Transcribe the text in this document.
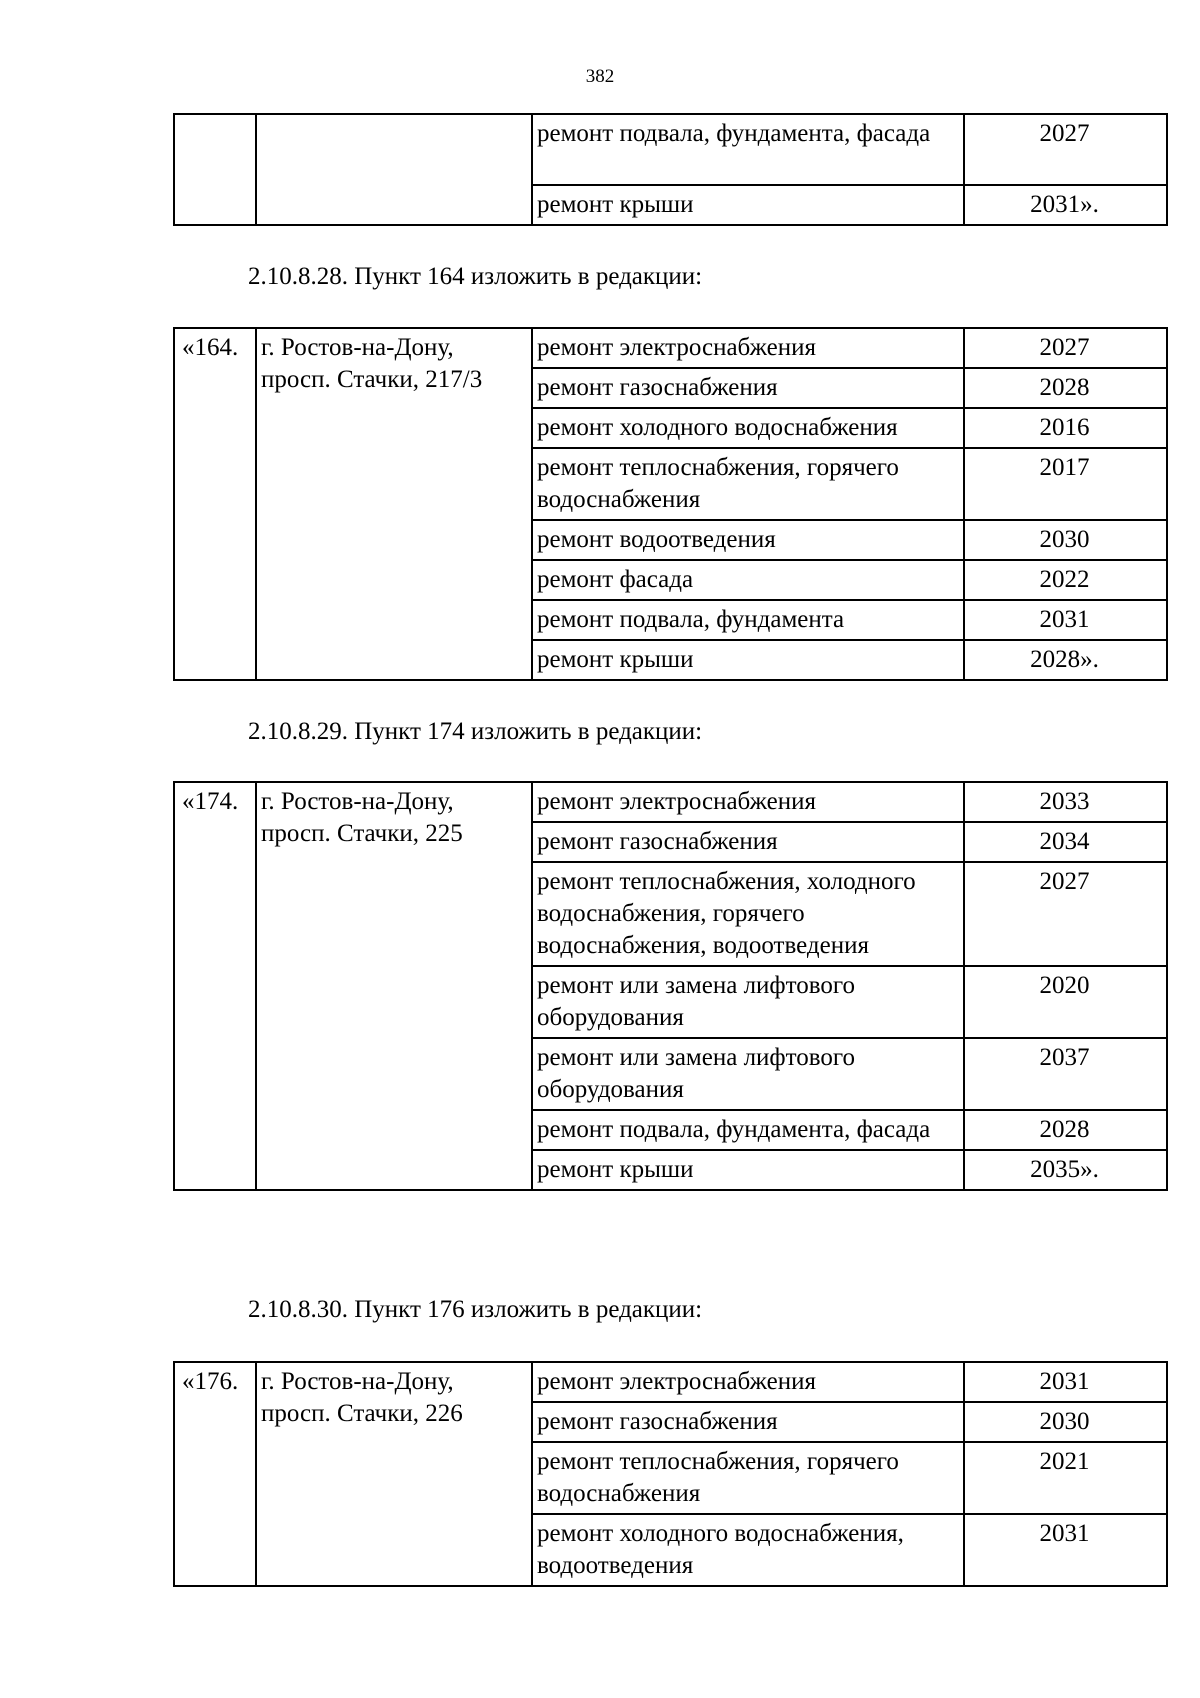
382
		ремонт подвала, фундамента, фасада	2027
		ремонт крыши	2031».
2.10.8.28. Пункт 164 изложить в редакции:
«164.	г. Ростов-на-Дону, просп. Стачки, 217/3	ремонт электроснабжения	2027
		ремонт газоснабжения	2028
		ремонт холодного водоснабжения	2016
		ремонт теплоснабжения, горячего водоснабжения	2017
		ремонт водоотведения	2030
		ремонт фасада	2022
		ремонт подвала, фундамента	2031
		ремонт крыши	2028».
2.10.8.29. Пункт 174 изложить в редакции:
«174.	г. Ростов-на-Дону, просп. Стачки, 225	ремонт электроснабжения	2033
		ремонт газоснабжения	2034
		ремонт теплоснабжения, холодного водоснабжения, горячего водоснабжения, водоотведения	2027
		ремонт или замена лифтового оборудования	2020
		ремонт или замена лифтового оборудования	2037
		ремонт подвала, фундамента, фасада	2028
		ремонт крыши	2035».
2.10.8.30. Пункт 176 изложить в редакции:
«176.	г. Ростов-на-Дону, просп. Стачки, 226	ремонт электроснабжения	2031
		ремонт газоснабжения	2030
		ремонт теплоснабжения, горячего водоснабжения	2021
		ремонт холодного водоснабжения, водоотведения	2031
